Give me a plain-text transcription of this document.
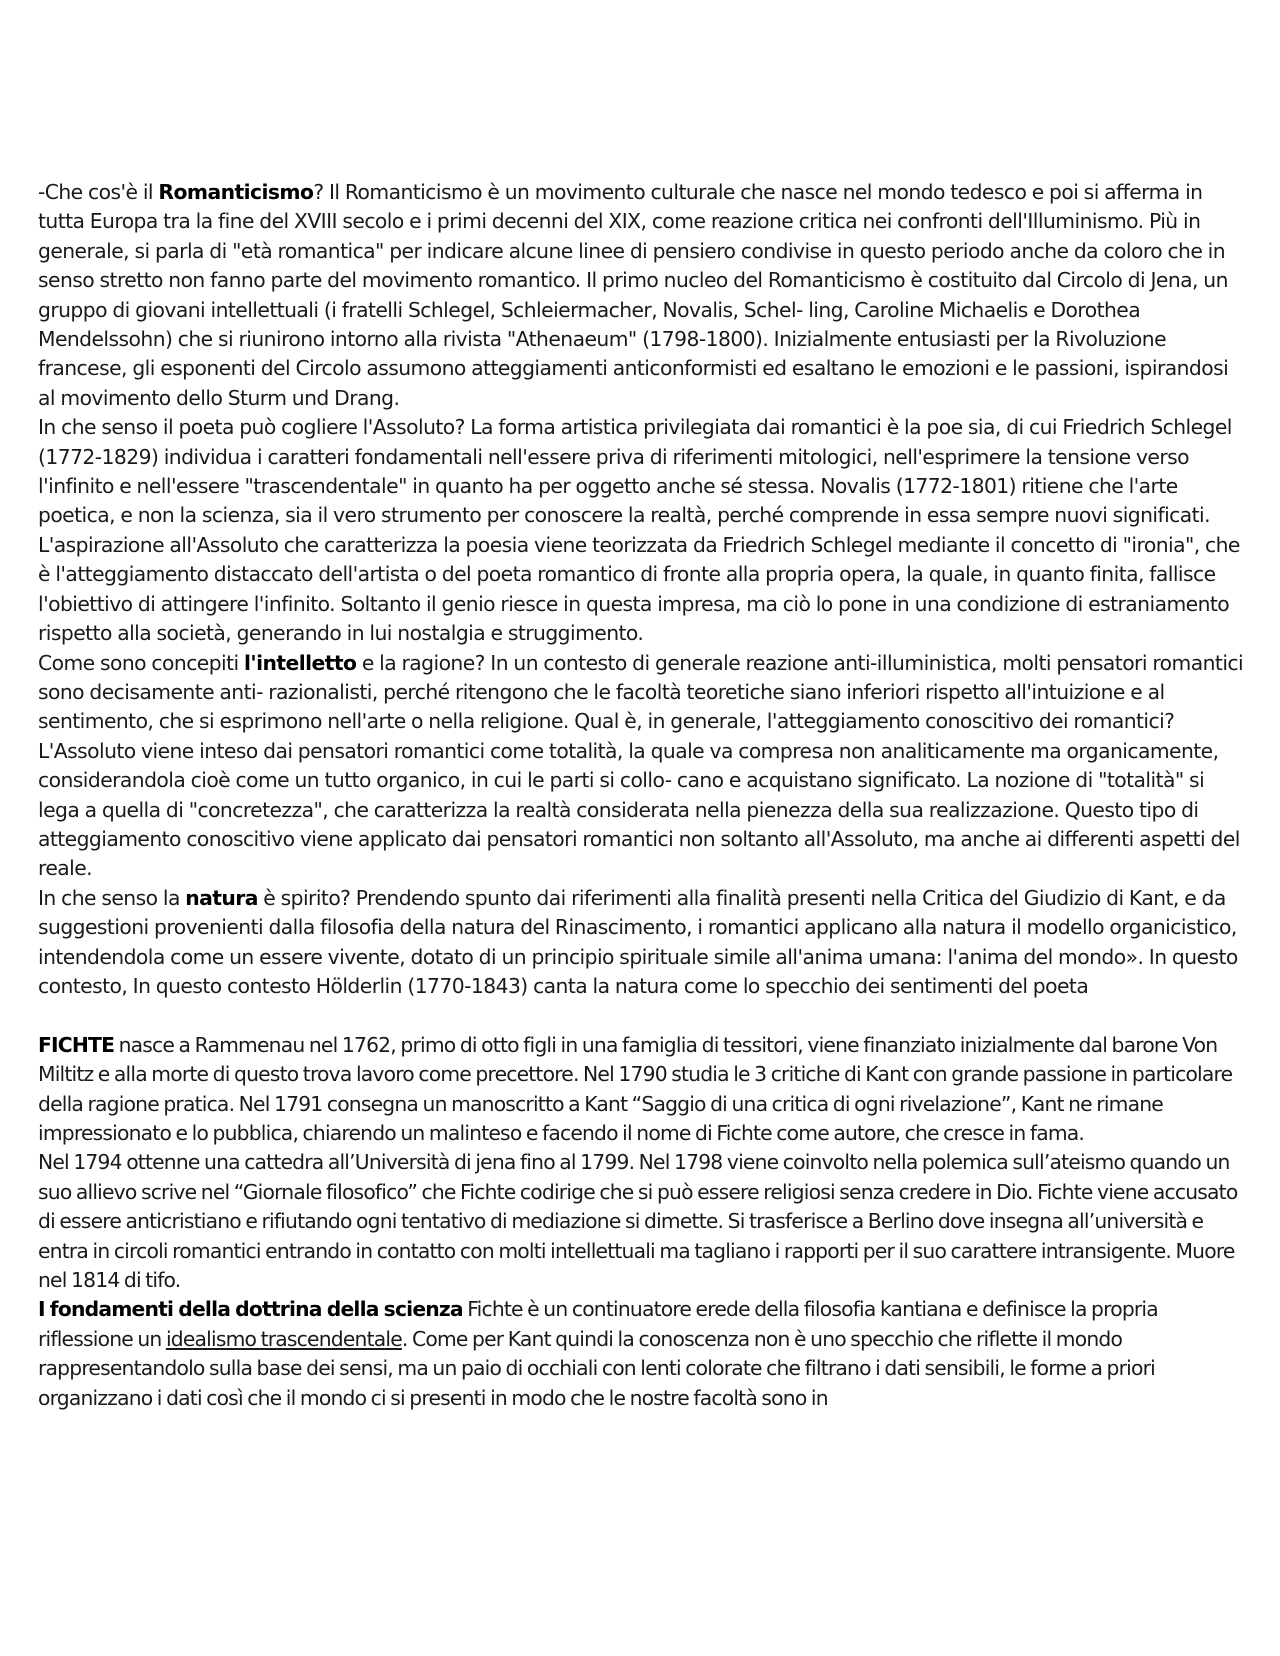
-Che cos'è il Romanticismo? Il Romanticismo è un movimento culturale che nasce nel mondo tedesco e poi si afferma in tutta Europa tra la fine del XVIII secolo e i primi decenni del XIX, come reazione critica nei confronti dell'Illuminismo. Più in generale, si parla di "età romantica" per indicare alcune linee di pensiero condivise in questo periodo anche da coloro che in senso stretto non fanno parte del movimento romantico. Il primo nucleo del Romanticismo è costituito dal Circolo di Jena, un gruppo di giovani intellettuali (i fratelli Schlegel, Schleiermacher, Novalis, Schel- ling, Caroline Michaelis e Dorothea Mendelssohn) che si riunirono intorno alla rivista "Athenaeum" (1798-1800). Inizialmente entusiasti per la Rivoluzione francese, gli esponenti del Circolo assumono atteggiamenti anticonformisti ed esaltano le emozioni e le passioni, ispirandosi al movimento dello Sturm und Drang.

In che senso il poeta può cogliere l'Assoluto? La forma artistica privilegiata dai romantici è la poe sia, di cui Friedrich Schlegel (1772-1829) individua i caratteri fondamentali nell'essere priva di riferimenti mitologici, nell'esprimere la tensione verso l'infinito e nell'essere "trascendentale" in quanto ha per oggetto anche sé stessa. Novalis (1772-1801) ritiene che l'arte poetica, e non la scienza, sia il vero strumento per conoscere la realtà, perché comprende in essa sempre nuovi significati. L'aspirazione all'Assoluto che caratterizza la poesia viene teorizzata da Friedrich Schlegel mediante il concetto di "ironia", che è l'atteggiamento distaccato dell'artista o del poeta romantico di fronte alla propria opera, la quale, in quanto finita, fallisce l'obiettivo di attingere l'infinito. Soltanto il genio riesce in questa impresa, ma ciò lo pone in una condizione di estraniamento rispetto alla società, generando in lui nostalgia e struggimento.

Come sono concepiti l'intelletto e la ragione? In un contesto di generale reazione anti-illuministica, molti pensatori romantici sono decisamente anti- razionalisti, perché ritengono che le facoltà teoretiche siano inferiori rispetto all'intuizione e al sentimento, che si esprimono nell'arte o nella religione. Qual è, in generale, l'atteggiamento conoscitivo dei romantici? L'Assoluto viene inteso dai pensatori romantici come totalità, la quale va compresa non analiticamente ma organicamente, considerandola cioè come un tutto organico, in cui le parti si collo- cano e acquistano significato. La nozione di "totalità" si lega a quella di "concretezza", che caratterizza la realtà considerata nella pienezza della sua realizzazione. Questo tipo di atteggiamento conoscitivo viene applicato dai pensatori romantici non soltanto all'Assoluto, ma anche ai differenti aspetti del reale.

In che senso la natura è spirito? Prendendo spunto dai riferimenti alla finalità presenti nella Critica del Giudizio di Kant, e da suggestioni provenienti dalla filosofia della natura del Rinascimento, i romantici applicano alla natura il modello organicistico, intendendola come un essere vivente, dotato di un principio spirituale simile all'anima umana: l'anima del mondo». In questo contesto, In questo contesto Hölderlin (1770-1843) canta la natura come lo specchio dei sentimenti del poeta

FICHTE nasce a Rammenau nel 1762, primo di otto figli in una famiglia di tessitori, viene finanziato inizialmente dal barone Von Miltitz e alla morte di questo trova lavoro come precettore. Nel 1790 studia le 3 critiche di Kant con grande passione in particolare della ragione pratica. Nel 1791 consegna un manoscritto a Kant “Saggio di una critica di ogni rivelazione”, Kant ne rimane impressionato e lo pubblica, chiarendo un malinteso e facendo il nome di Fichte come autore, che cresce in fama.

Nel 1794 ottenne una cattedra all’Università di jena fino al 1799. Nel 1798 viene coinvolto nella polemica sull’ateismo quando un suo allievo scrive nel “Giornale filosofico” che Fichte codirige che si può essere religiosi senza credere in Dio. Fichte viene accusato di essere anticristiano e rifiutando ogni tentativo di mediazione si dimette. Si trasferisce a Berlino dove insegna all’università e entra in circoli romantici entrando in contatto con molti intellettuali ma tagliano i rapporti per il suo carattere intransigente. Muore nel 1814 di tifo.

I fondamenti della dottrina della scienza Fichte è un continuatore erede della filosofia kantiana e definisce la propria riflessione un idealismo trascendentale. Come per Kant quindi la conoscenza non è uno specchio che riflette il mondo rappresentandolo sulla base dei sensi, ma un paio di occhiali con lenti colorate che filtrano i dati sensibili, le forme a priori organizzano i dati così che il mondo ci si presenti in modo che le nostre facoltà sono in
